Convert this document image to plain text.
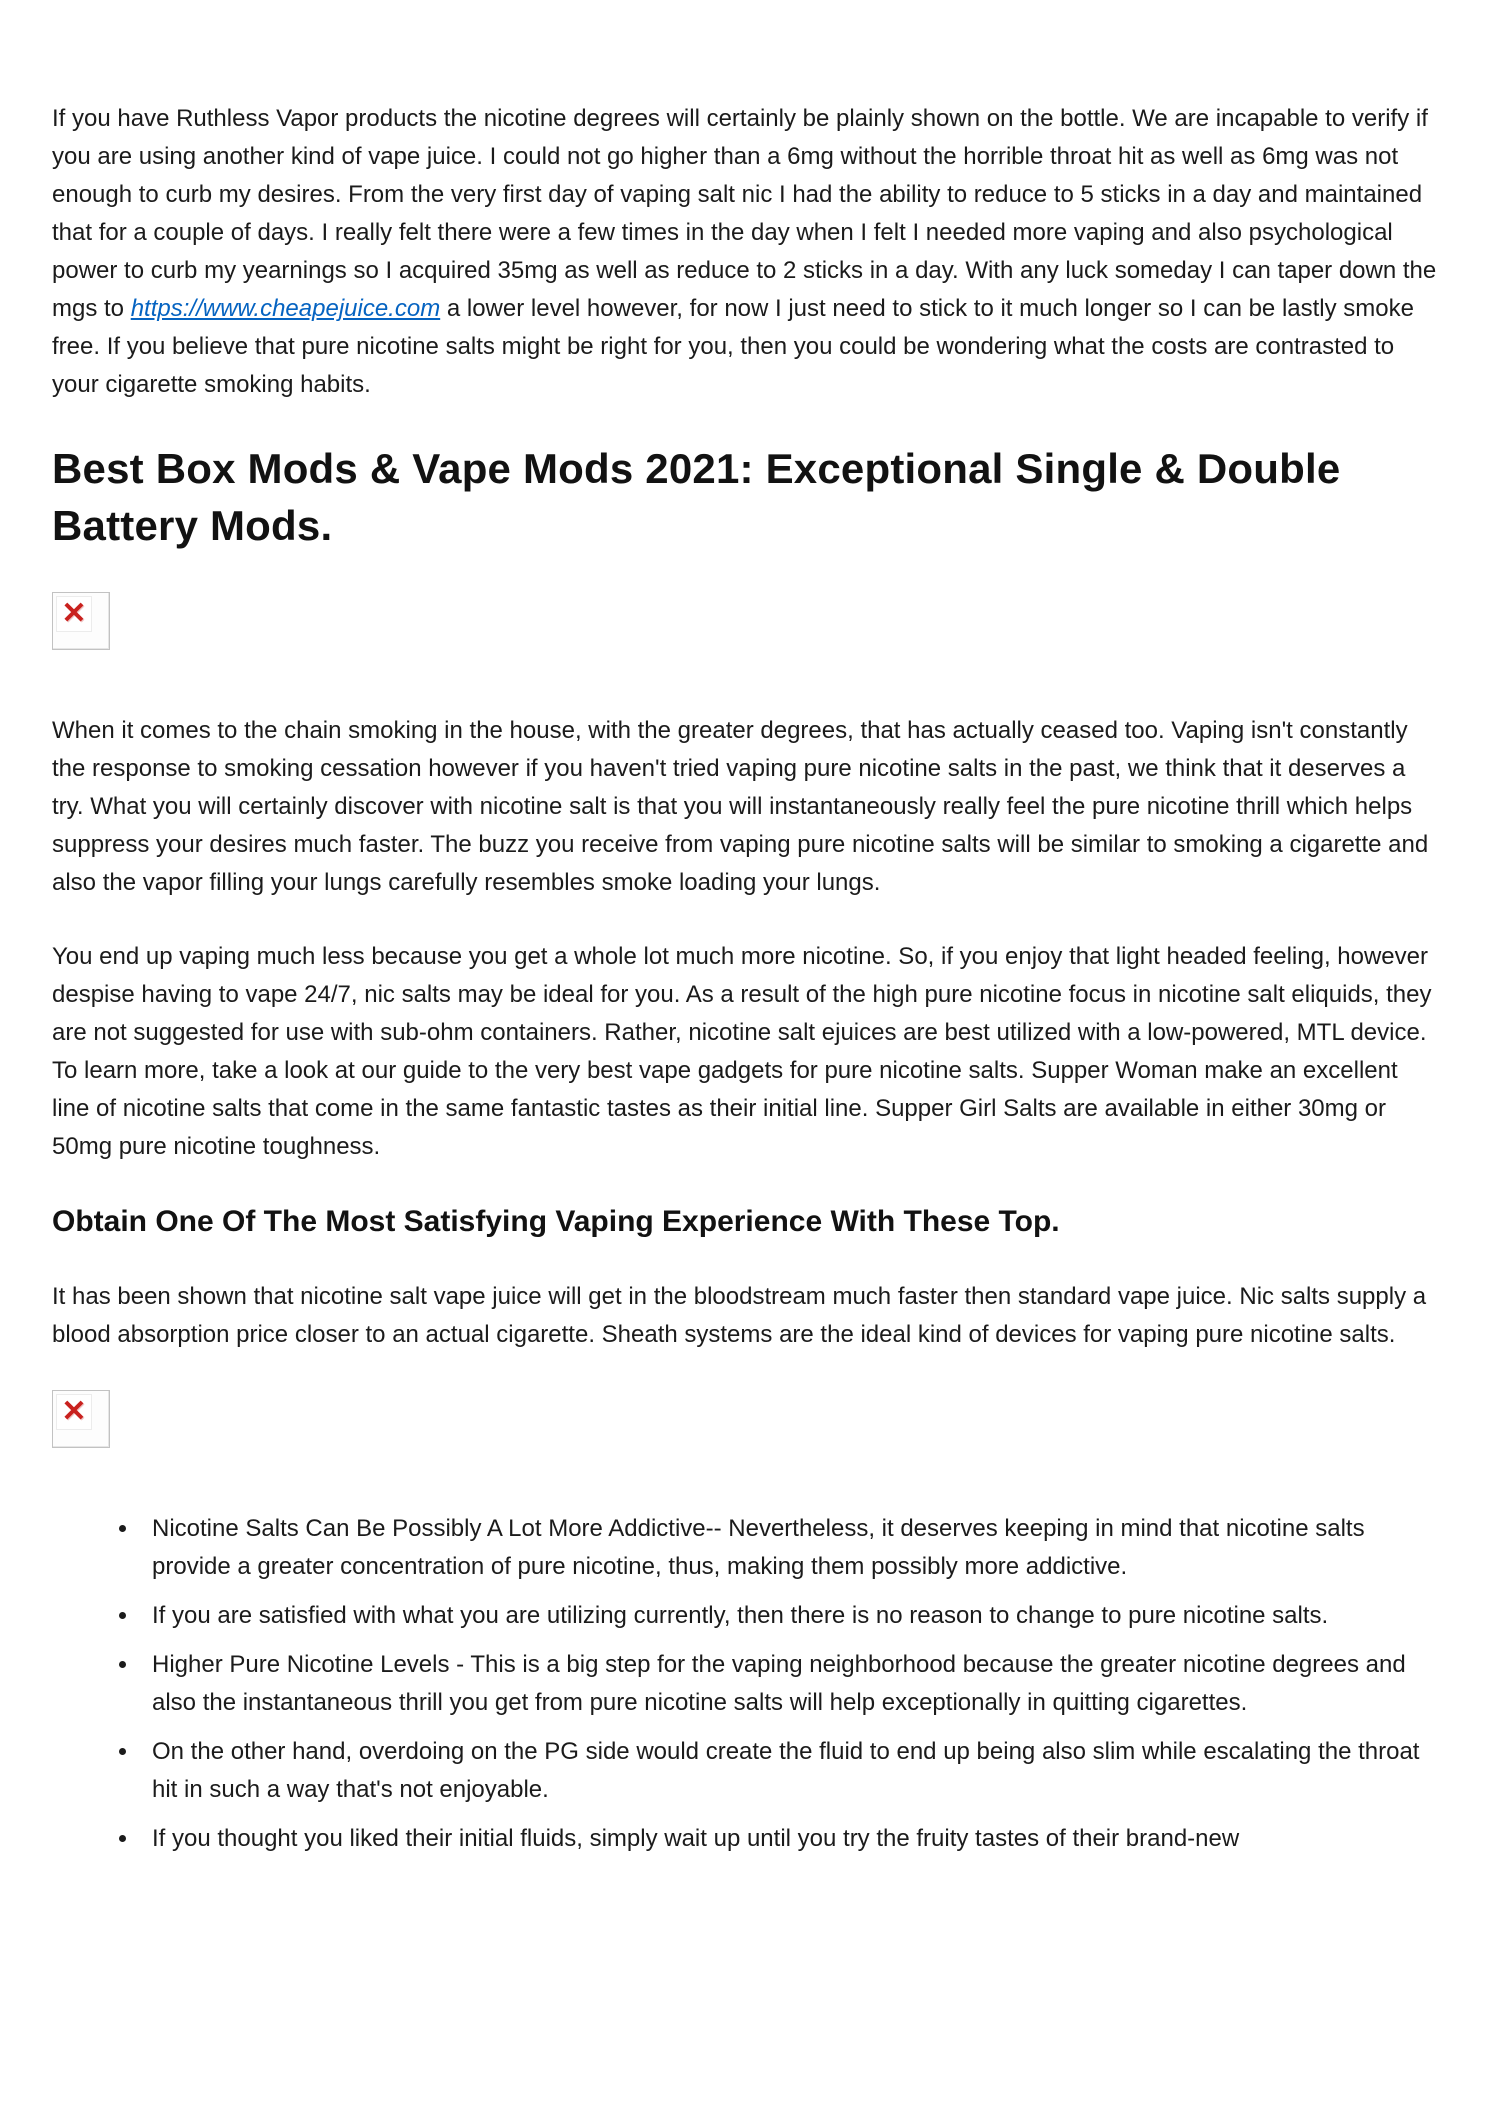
If you have Ruthless Vapor products the nicotine degrees will certainly be plainly shown on the bottle. We are incapable to verify if you are using another kind of vape juice. I could not go higher than a 6mg without the horrible throat hit as well as 6mg was not enough to curb my desires. From the very first day of vaping salt nic I had the ability to reduce to 5 sticks in a day and maintained that for a couple of days. I really felt there were a few times in the day when I felt I needed more vaping and also psychological power to curb my yearnings so I acquired 35mg as well as reduce to 2 sticks in a day. With any luck someday I can taper down the mgs to https://www.cheapejuice.com a lower level however, for now I just need to stick to it much longer so I can be lastly smoke free. If you believe that pure nicotine salts might be right for you, then you could be wondering what the costs are contrasted to your cigarette smoking habits.

Best Box Mods & Vape Mods 2021: Exceptional Single & Double Battery Mods.
✕

When it comes to the chain smoking in the house, with the greater degrees, that has actually ceased too. Vaping isn't constantly the response to smoking cessation however if you haven't tried vaping pure nicotine salts in the past, we think that it deserves a try. What you will certainly discover with nicotine salt is that you will instantaneously really feel the pure nicotine thrill which helps suppress your desires much faster. The buzz you receive from vaping pure nicotine salts will be similar to smoking a cigarette and also the vapor filling your lungs carefully resembles smoke loading your lungs.

You end up vaping much less because you get a whole lot much more nicotine. So, if you enjoy that light headed feeling, however despise having to vape 24/7, nic salts may be ideal for you. As a result of the high pure nicotine focus in nicotine salt eliquids, they are not suggested for use with sub-ohm containers. Rather, nicotine salt ejuices are best utilized with a low-powered, MTL device. To learn more, take a look at our guide to the very best vape gadgets for pure nicotine salts. Supper Woman make an excellent line of nicotine salts that come in the same fantastic tastes as their initial line. Supper Girl Salts are available in either 30mg or 50mg pure nicotine toughness.

Obtain One Of The Most Satisfying Vaping Experience With These Top.

It has been shown that nicotine salt vape juice will get in the bloodstream much faster then standard vape juice. Nic salts supply a blood absorption price closer to an actual cigarette. Sheath systems are the ideal kind of devices for vaping pure nicotine salts.

✕
• Nicotine Salts Can Be Possibly A Lot More Addictive-- Nevertheless, it deserves keeping in mind that nicotine salts provide a greater concentration of pure nicotine, thus, making them possibly more addictive.
• If you are satisfied with what you are utilizing currently, then there is no reason to change to pure nicotine salts.
• Higher Pure Nicotine Levels - This is a big step for the vaping neighborhood because the greater nicotine degrees and also the instantaneous thrill you get from pure nicotine salts will help exceptionally in quitting cigarettes.
• On the other hand, overdoing on the PG side would create the fluid to end up being also slim while escalating the throat hit in such a way that's not enjoyable.
• If you thought you liked their initial fluids, simply wait up until you try the fruity tastes of their brand-new
